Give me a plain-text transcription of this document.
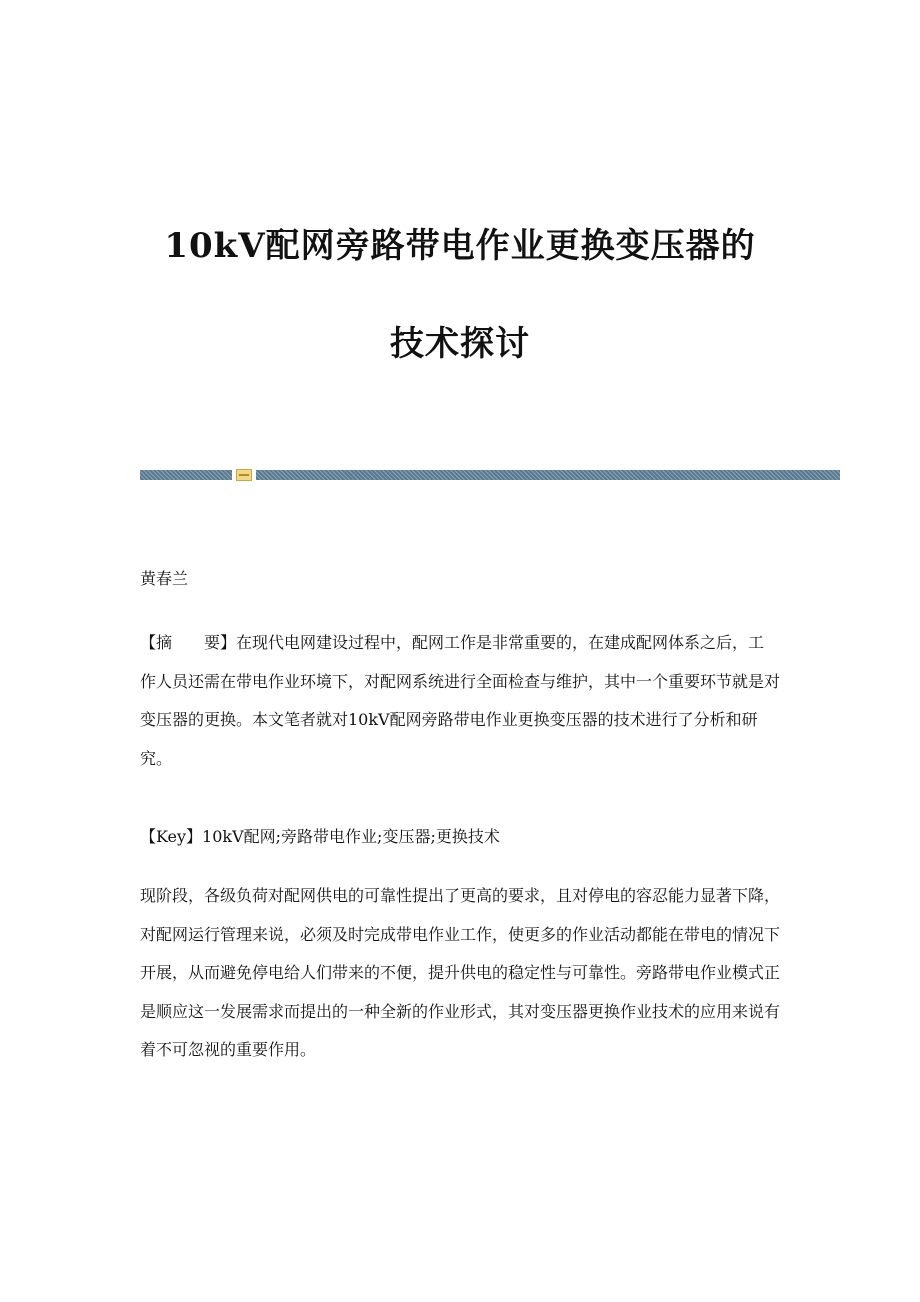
10kV配网旁路带电作业更换变压器的
技术探讨

黄春兰

【摘　　要】在现代电网建设过程中，配网工作是非常重要的，在建成配网体系之后，工作人员还需在带电作业环境下，对配网系统进行全面检查与维护，其中一个重要环节就是对变压器的更换。本文笔者就对10kV配网旁路带电作业更换变压器的技术进行了分析和研究。

【Key】10kV配网;旁路带电作业;变压器;更换技术

现阶段，各级负荷对配网供电的可靠性提出了更高的要求，且对停电的容忍能力显著下降，对配网运行管理来说，必须及时完成带电作业工作，使更多的作业活动都能在带电的情况下开展，从而避免停电给人们带来的不便，提升供电的稳定性与可靠性。旁路带电作业模式正是顺应这一发展需求而提出的一种全新的作业形式，其对变压器更换作业技术的应用来说有着不可忽视的重要作用。
